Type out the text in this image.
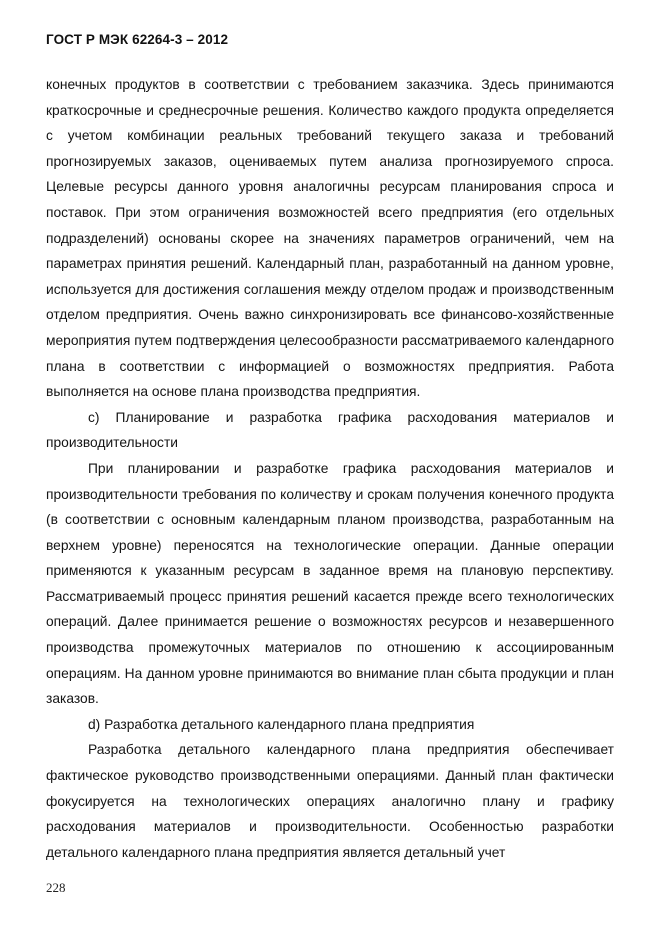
ГОСТ Р МЭК 62264-3 – 2012

конечных продуктов в соответствии с требованием заказчика. Здесь принимаются краткосрочные и среднесрочные решения. Количество каждого продукта определяется с учетом комбинации реальных требований текущего заказа и требований прогнозируемых заказов, оцениваемых путем анализа прогнозируемого спроса. Целевые ресурсы данного уровня аналогичны ресурсам планирования спроса и поставок. При этом ограничения возможностей всего предприятия (его отдельных подразделений) основаны скорее на значениях параметров ограничений, чем на параметрах принятия решений. Календарный план, разработанный на данном уровне, используется для достижения соглашения между отделом продаж и производственным отделом предприятия. Очень важно синхронизировать все финансово-хозяйственные мероприятия путем подтверждения целесообразности рассматриваемого календарного плана в соответствии с информацией о возможностях предприятия. Работа выполняется на основе плана производства предприятия.

c) Планирование и разработка графика расходования материалов и производительности

При планировании и разработке графика расходования материалов и производительности требования по количеству и срокам получения конечного продукта (в соответствии с основным календарным планом производства, разработанным на верхнем уровне) переносятся на технологические операции. Данные операции применяются к указанным ресурсам в заданное время на плановую перспективу. Рассматриваемый процесс принятия решений касается прежде всего технологических операций. Далее принимается решение о возможностях ресурсов и незавершенного производства промежуточных материалов по отношению к ассоциированным операциям. На данном уровне принимаются во внимание план сбыта продукции и план заказов.

d) Разработка детального календарного плана предприятия

Разработка детального календарного плана предприятия обеспечивает фактическое руководство производственными операциями. Данный план фактически фокусируется на технологических операциях аналогично плану и графику расходования материалов и производительности. Особенностью разработки детального календарного плана предприятия является детальный учет

228
